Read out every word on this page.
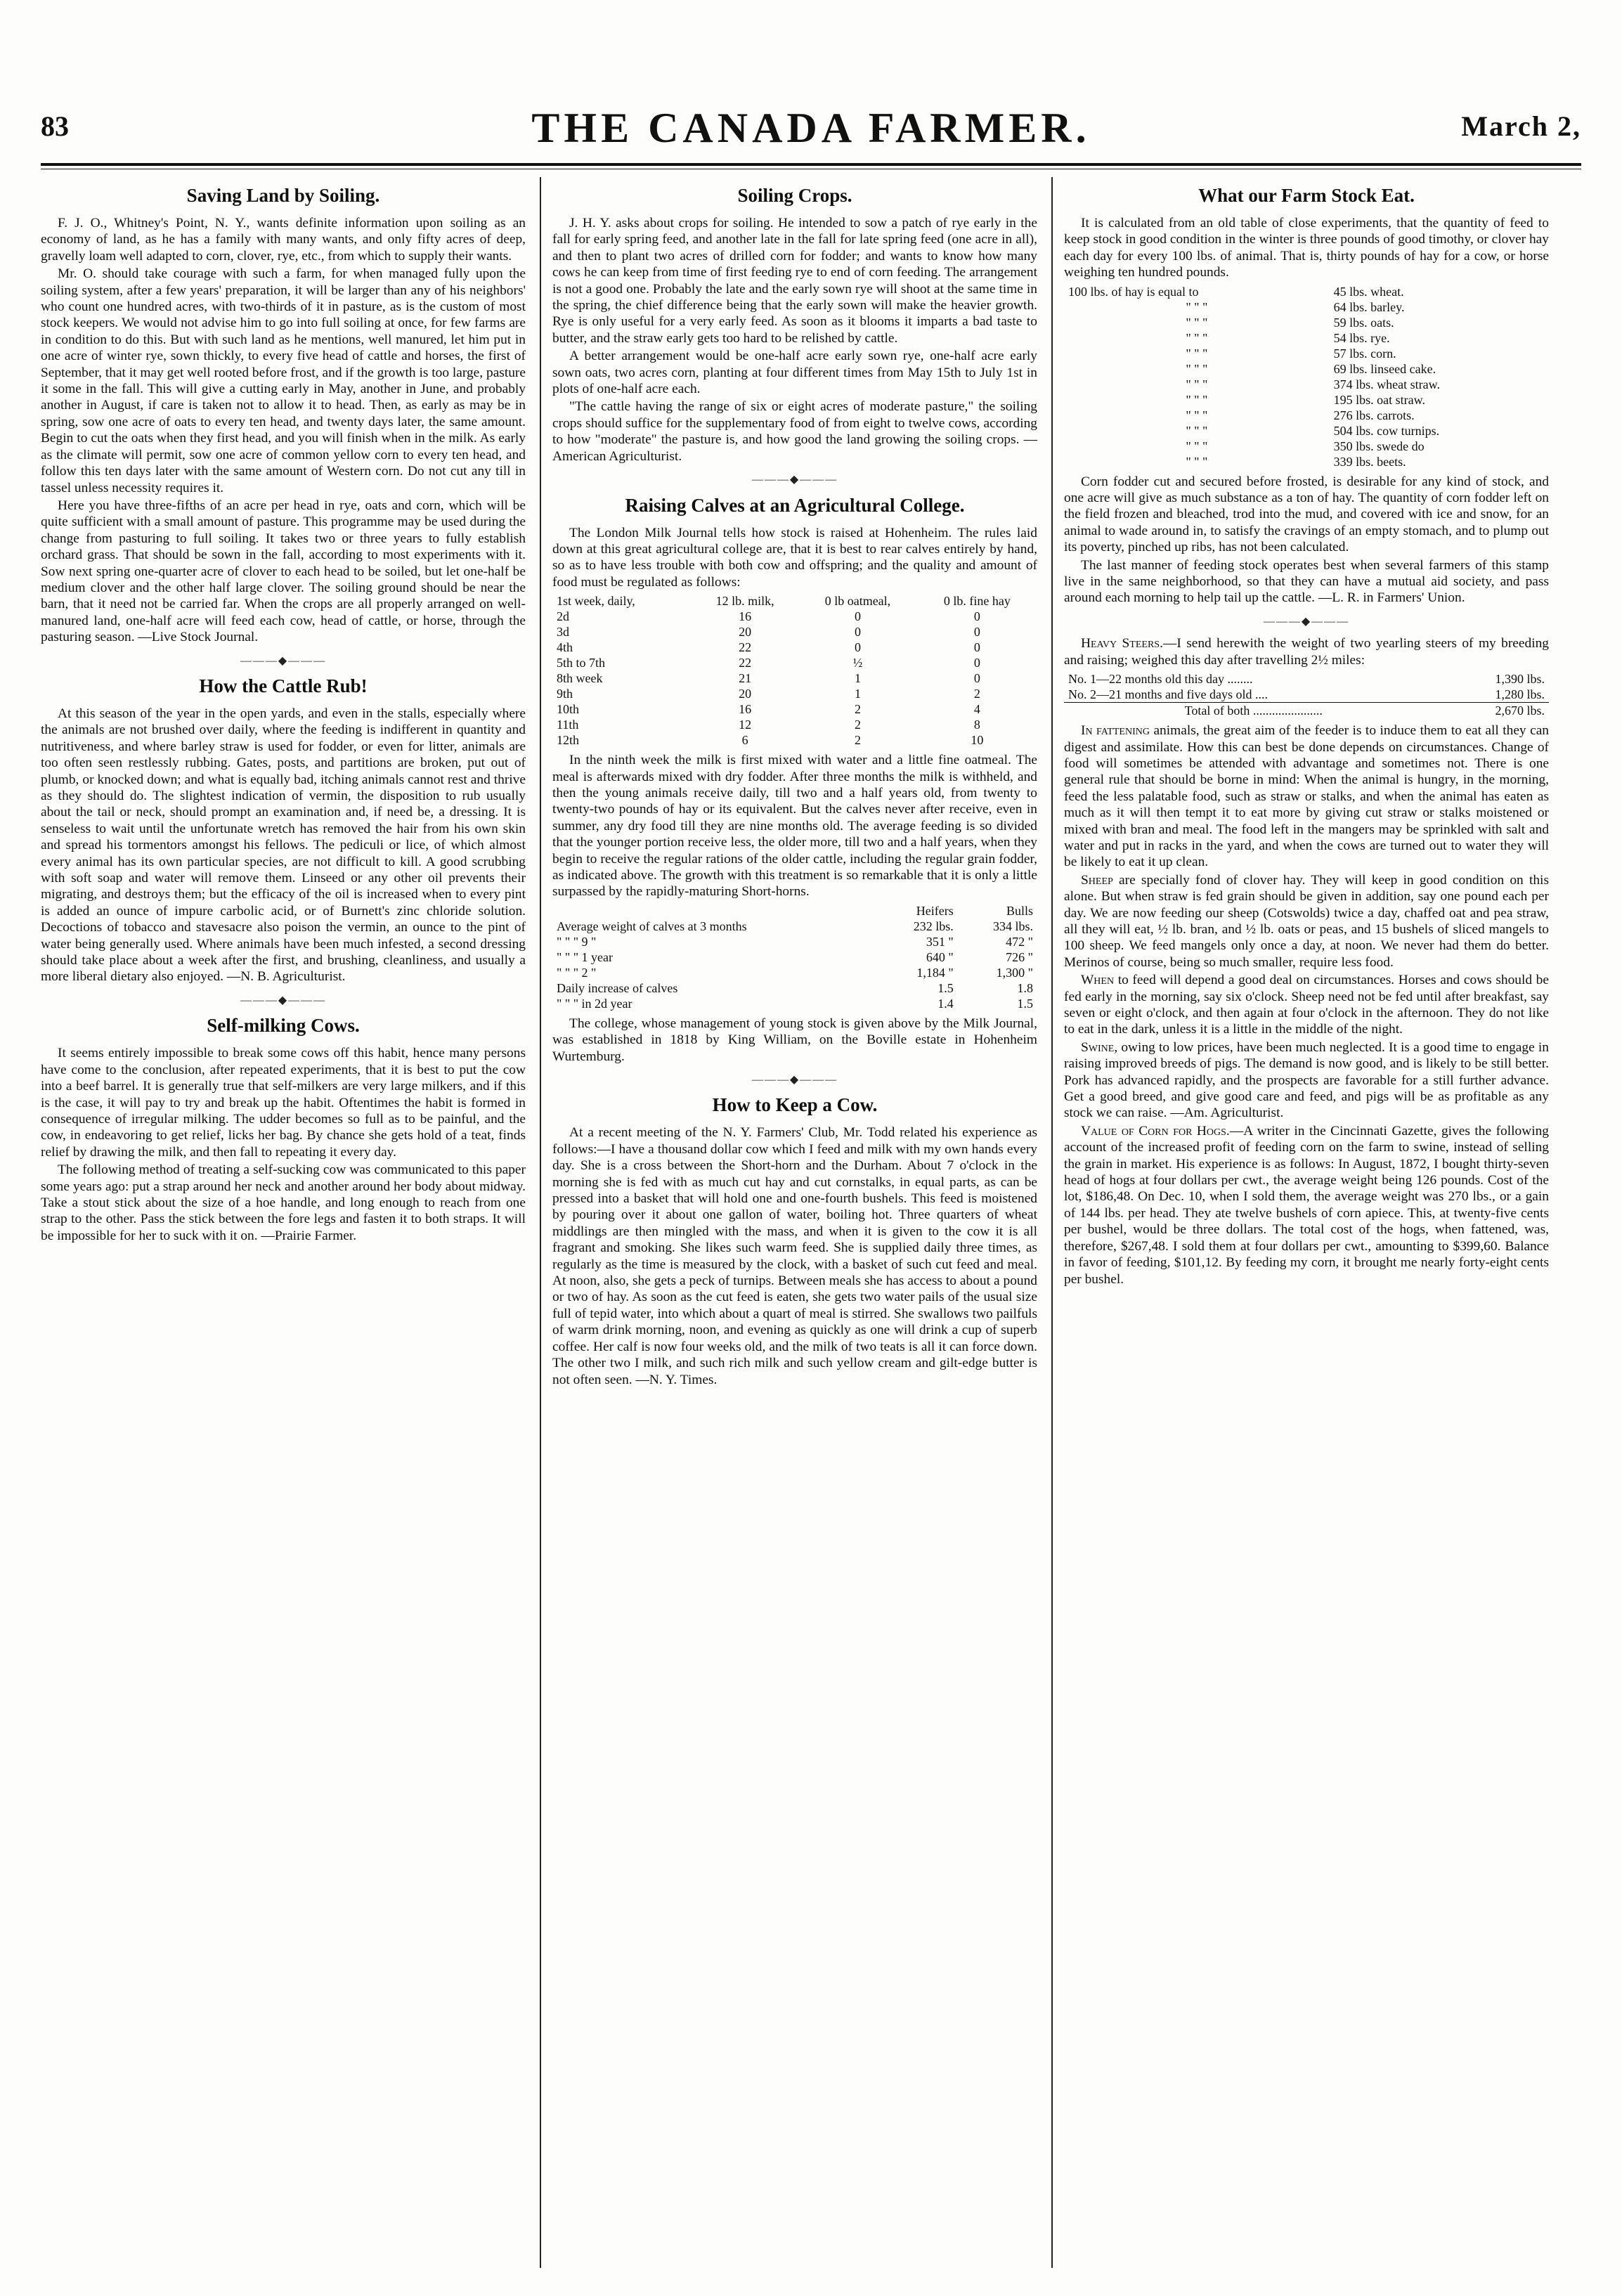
83	THE CANADA FARMER.	March 2,
Saving Land by Soiling.

F. J. O., Whitney's Point, N. Y., wants definite information upon soiling as an economy of land, as he has a family with many wants, and only fifty acres of deep, gravelly loam well adapted to corn, clover, rye, etc., from which to supply their wants.

Mr. O. should take courage with such a farm, for when managed fully upon the soiling system, after a few years' preparation, it will be larger than any of his neighbors' who count one hundred acres, with two-thirds of it in pasture, as is the custom of most stock keepers. We would not advise him to go into full soiling at once, for few farms are in condition to do this. But with such land as he mentions, well manured, let him put in one acre of winter rye, sown thickly, to every five head of cattle and horses, the first of September, that it may get well rooted before frost, and if the growth is too large, pasture it some in the fall. This will give a cutting early in May, another in June, and probably another in August, if care is taken not to allow it to head. Then, as early as may be in spring, sow one acre of oats to every ten head, and twenty days later, the same amount. Begin to cut the oats when they first head, and you will finish when in the milk. As early as the climate will permit, sow one acre of common yellow corn to every ten head, and follow this ten days later with the same amount of Western corn. Do not cut any till in tassel unless necessity requires it.

Here you have three-fifths of an acre per head in rye, oats and corn, which will be quite sufficient with a small amount of pasture. This programme may be used during the change from pasturing to full soiling. It takes two or three years to fully establish orchard grass. That should be sown in the fall, according to most experiments with it. Sow next spring one-quarter acre of clover to each head to be soiled, but let one-half be medium clover and the other half large clover. The soiling ground should be near the barn, that it need not be carried far. When the crops are all properly arranged on well-manured land, one-half acre will feed each cow, head of cattle, or horse, through the pasturing season. —Live Stock Journal.

———◆———
How the Cattle Rub!

At this season of the year in the open yards, and even in the stalls, especially where the animals are not brushed over daily, where the feeding is indifferent in quantity and nutritiveness, and where barley straw is used for fodder, or even for litter, animals are too often seen restlessly rubbing. Gates, posts, and partitions are broken, put out of plumb, or knocked down; and what is equally bad, itching animals cannot rest and thrive as they should do. The slightest indication of vermin, the disposition to rub usually about the tail or neck, should prompt an examination and, if need be, a dressing. It is senseless to wait until the unfortunate wretch has removed the hair from his own skin and spread his tormentors amongst his fellows. The pediculi or lice, of which almost every animal has its own particular species, are not difficult to kill. A good scrubbing with soft soap and water will remove them. Linseed or any other oil prevents their migrating, and destroys them; but the efficacy of the oil is increased when to every pint is added an ounce of impure carbolic acid, or of Burnett's zinc chloride solution. Decoctions of tobacco and stavesacre also poison the vermin, an ounce to the pint of water being generally used. Where animals have been much infested, a second dressing should take place about a week after the first, and brushing, cleanliness, and usually a more liberal dietary also enjoyed. —N. B. Agriculturist.

———◆———
Self-milking Cows.

It seems entirely impossible to break some cows off this habit, hence many persons have come to the conclusion, after repeated experiments, that it is best to put the cow into a beef barrel. It is generally true that self-milkers are very large milkers, and if this is the case, it will pay to try and break up the habit. Oftentimes the habit is formed in consequence of irregular milking. The udder becomes so full as to be painful, and the cow, in endeavoring to get relief, licks her bag. By chance she gets hold of a teat, finds relief by drawing the milk, and then fall to repeating it every day.

The following method of treating a self-sucking cow was communicated to this paper some years ago: put a strap around her neck and another around her body about midway. Take a stout stick about the size of a hoe handle, and long enough to reach from one strap to the other. Pass the stick between the fore legs and fasten it to both straps. It will be impossible for her to suck with it on. —Prairie Farmer.

Soiling Crops.

J. H. Y. asks about crops for soiling. He intended to sow a patch of rye early in the fall for early spring feed, and another late in the fall for late spring feed (one acre in all), and then to plant two acres of drilled corn for fodder; and wants to know how many cows he can keep from time of first feeding rye to end of corn feeding. The arrangement is not a good one. Probably the late and the early sown rye will shoot at the same time in the spring, the chief difference being that the early sown will make the heavier growth. Rye is only useful for a very early feed. As soon as it blooms it imparts a bad taste to butter, and the straw early gets too hard to be relished by cattle.

A better arrangement would be one-half acre early sown rye, one-half acre early sown oats, two acres corn, planting at four different times from May 15th to July 1st in plots of one-half acre each.

"The cattle having the range of six or eight acres of moderate pasture," the soiling crops should suffice for the supplementary food of from eight to twelve cows, according to how "moderate" the pasture is, and how good the land growing the soiling crops. —American Agriculturist.

———◆———
Raising Calves at an Agricultural College.

The London Milk Journal tells how stock is raised at Hohenheim. The rules laid down at this great agricultural college are, that it is best to rear calves entirely by hand, so as to have less trouble with both cow and offspring; and the quality and amount of food must be regulated as follows:

1st week, daily,	12 lb. milk,	0 lb oatmeal,	0 lb. fine hay
2d	16	0	0
3d	20	0	0
4th	22	0	0
5th to 7th	22	½	0
8th week	21	1	0
9th	20	1	2
10th	16	2	4
11th	12	2	8
12th	6	2	10

In the ninth week the milk is first mixed with water and a little fine oatmeal. The meal is afterwards mixed with dry fodder. After three months the milk is withheld, and then the young animals receive daily, till two and a half years old, from twenty to twenty-two pounds of hay or its equivalent. But the calves never after receive, even in summer, any dry food till they are nine months old. The average feeding is so divided that the younger portion receive less, the older more, till two and a half years, when they begin to receive the regular rations of the older cattle, including the regular grain fodder, as indicated above. The growth with this treatment is so remarkable that it is only a little surpassed by the rapidly-maturing Short-horns.

	Heifers	Bulls
Average weight of calves at 3 months	232 lbs.	334 lbs.
" " " 9 "	351 "	472 "
" " " 1 year	640 "	726 "
" " " 2 "	1,184 "	1,300 "
Daily increase of calves	1.5	1.8
" " " in 2d year	1.4	1.5

The college, whose management of young stock is given above by the Milk Journal, was established in 1818 by King William, on the Boville estate in Hohenheim Wurtemburg.

———◆———
How to Keep a Cow.

At a recent meeting of the N. Y. Farmers' Club, Mr. Todd related his experience as follows:—I have a thousand dollar cow which I feed and milk with my own hands every day. She is a cross between the Short-horn and the Durham. About 7 o'clock in the morning she is fed with as much cut hay and cut cornstalks, in equal parts, as can be pressed into a basket that will hold one and one-fourth bushels. This feed is moistened by pouring over it about one gallon of water, boiling hot. Three quarters of wheat middlings are then mingled with the mass, and when it is given to the cow it is all fragrant and smoking. She likes such warm feed. She is supplied daily three times, as regularly as the time is measured by the clock, with a basket of such cut feed and meal. At noon, also, she gets a peck of turnips. Between meals she has access to about a pound or two of hay. As soon as the cut feed is eaten, she gets two water pails of the usual size full of tepid water, into which about a quart of meal is stirred. She swallows two pailfuls of warm drink morning, noon, and evening as quickly as one will drink a cup of superb coffee. Her calf is now four weeks old, and the milk of two teats is all it can force down. The other two I milk, and such rich milk and such yellow cream and gilt-edge butter is not often seen. —N. Y. Times.

What our Farm Stock Eat.

It is calculated from an old table of close experiments, that the quantity of feed to keep stock in good condition in the winter is three pounds of good timothy, or clover hay each day for every 100 lbs. of animal. That is, thirty pounds of hay for a cow, or horse weighing ten hundred pounds.

100 lbs. of hay is equal to	45 lbs. wheat.
" " "	64 lbs. barley.
" " "	59 lbs. oats.
" " "	54 lbs. rye.
" " "	57 lbs. corn.
" " "	69 lbs. linseed cake.
" " "	374 lbs. wheat straw.
" " "	195 lbs. oat straw.
" " "	276 lbs. carrots.
" " "	504 lbs. cow turnips.
" " "	350 lbs. swede do
" " "	339 lbs. beets.

Corn fodder cut and secured before frosted, is desirable for any kind of stock, and one acre will give as much substance as a ton of hay. The quantity of corn fodder left on the field frozen and bleached, trod into the mud, and covered with ice and snow, for an animal to wade around in, to satisfy the cravings of an empty stomach, and to plump out its poverty, pinched up ribs, has not been calculated.

The last manner of feeding stock operates best when several farmers of this stamp live in the same neighborhood, so that they can have a mutual aid society, and pass around each morning to help tail up the cattle. —L. R. in Farmers' Union.

———◆———

Heavy Steers.—I send herewith the weight of two yearling steers of my breeding and raising; weighed this day after travelling 2½ miles:

No. 1—22 months old this day ........	1,390 lbs.
No. 2—21 months and five days old ....	1,280 lbs.
Total of both ......................	2,670 lbs.

In fattening animals, the great aim of the feeder is to induce them to eat all they can digest and assimilate. How this can best be done depends on circumstances. Change of food will sometimes be attended with advantage and sometimes not. There is one general rule that should be borne in mind: When the animal is hungry, in the morning, feed the less palatable food, such as straw or stalks, and when the animal has eaten as much as it will then tempt it to eat more by giving cut straw or stalks moistened or mixed with bran and meal. The food left in the mangers may be sprinkled with salt and water and put in racks in the yard, and when the cows are turned out to water they will be likely to eat it up clean.

Sheep are specially fond of clover hay. They will keep in good condition on this alone. But when straw is fed grain should be given in addition, say one pound each per day. We are now feeding our sheep (Cotswolds) twice a day, chaffed oat and pea straw, all they will eat, ½ lb. bran, and ½ lb. oats or peas, and 15 bushels of sliced mangels to 100 sheep. We feed mangels only once a day, at noon. We never had them do better. Merinos of course, being so much smaller, require less food.

When to feed will depend a good deal on circumstances. Horses and cows should be fed early in the morning, say six o'clock. Sheep need not be fed until after breakfast, say seven or eight o'clock, and then again at four o'clock in the afternoon. They do not like to eat in the dark, unless it is a little in the middle of the night.

Swine, owing to low prices, have been much neglected. It is a good time to engage in raising improved breeds of pigs. The demand is now good, and is likely to be still better. Pork has advanced rapidly, and the prospects are favorable for a still further advance. Get a good breed, and give good care and feed, and pigs will be as profitable as any stock we can raise. —Am. Agriculturist.

Value of Corn for Hogs.—A writer in the Cincinnati Gazette, gives the following account of the increased profit of feeding corn on the farm to swine, instead of selling the grain in market. His experience is as follows: In August, 1872, I bought thirty-seven head of hogs at four dollars per cwt., the average weight being 126 pounds. Cost of the lot, $186,48. On Dec. 10, when I sold them, the average weight was 270 lbs., or a gain of 144 lbs. per head. They ate twelve bushels of corn apiece. This, at twenty-five cents per bushel, would be three dollars. The total cost of the hogs, when fattened, was, therefore, $267,48. I sold them at four dollars per cwt., amounting to $399,60. Balance in favor of feeding, $101,12. By feeding my corn, it brought me nearly forty-eight cents per bushel.
